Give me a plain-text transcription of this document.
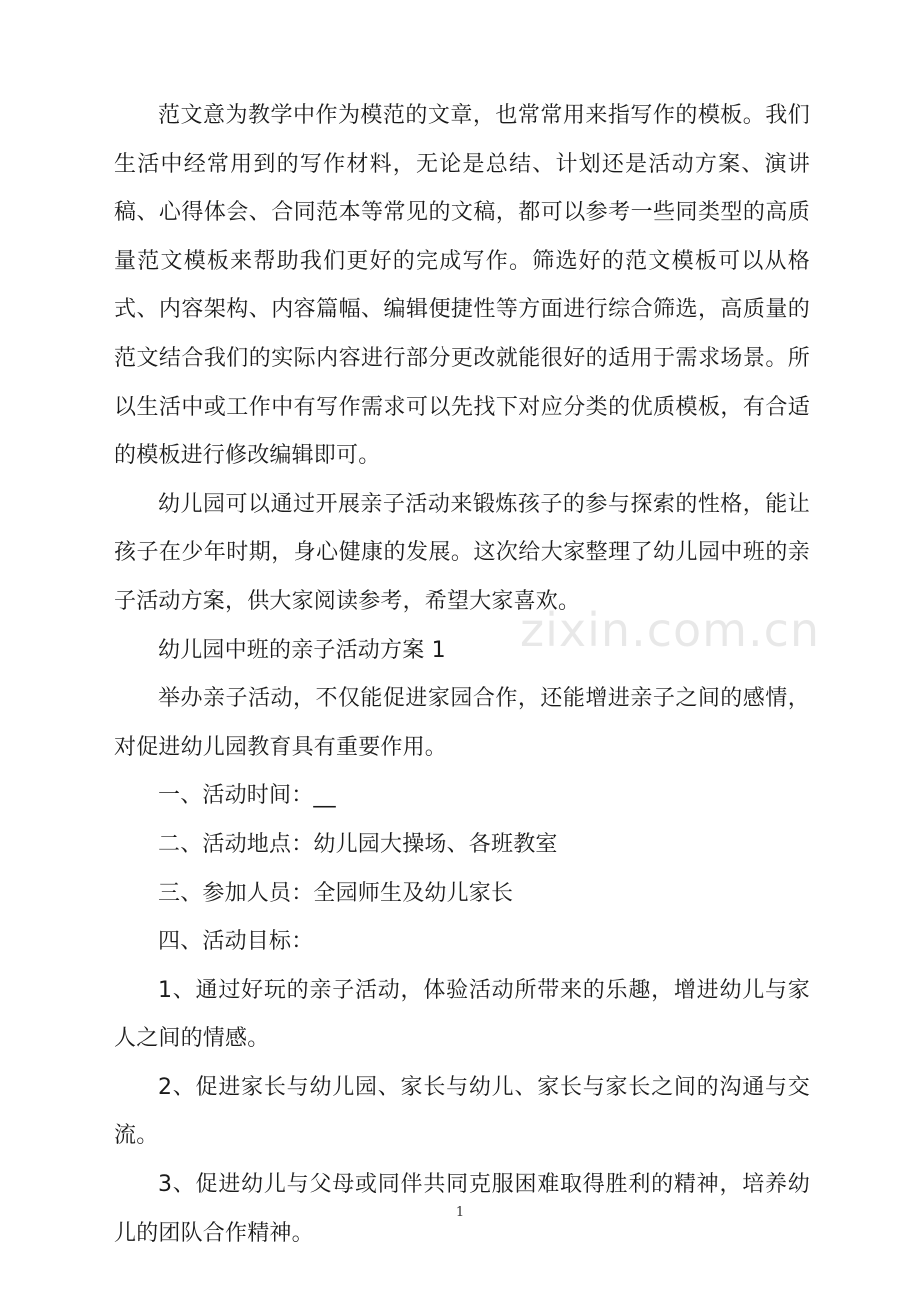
范文意为教学中作为模范的文章，也常常用来指写作的模板。我们生活中经常用到的写作材料，无论是总结、计划还是活动方案、演讲稿、心得体会、合同范本等常见的文稿，都可以参考一些同类型的高质量范文模板来帮助我们更好的完成写作。筛选好的范文模板可以从格式、内容架构、内容篇幅、编辑便捷性等方面进行综合筛选，高质量的范文结合我们的实际内容进行部分更改就能很好的适用于需求场景。所以生活中或工作中有写作需求可以先找下对应分类的优质模板，有合适的模板进行修改编辑即可。

幼儿园可以通过开展亲子活动来锻炼孩子的参与探索的性格，能让孩子在少年时期，身心健康的发展。这次给大家整理了幼儿园中班的亲子活动方案，供大家阅读参考，希望大家喜欢。

幼儿园中班的亲子活动方案 1

举办亲子活动，不仅能促进家园合作，还能增进亲子之间的感情，对促进幼儿园教育具有重要作用。

一、活动时间：__

二、活动地点：幼儿园大操场、各班教室

三、参加人员：全园师生及幼儿家长

四、活动目标：

1、通过好玩的亲子活动，体验活动所带来的乐趣，增进幼儿与家人之间的情感。

2、促进家长与幼儿园、家长与幼儿、家长与家长之间的沟通与交流。

3、促进幼儿与父母或同伴共同克服困难取得胜利的精神，培养幼儿的团队合作精神。

zixin.com.cn
1
